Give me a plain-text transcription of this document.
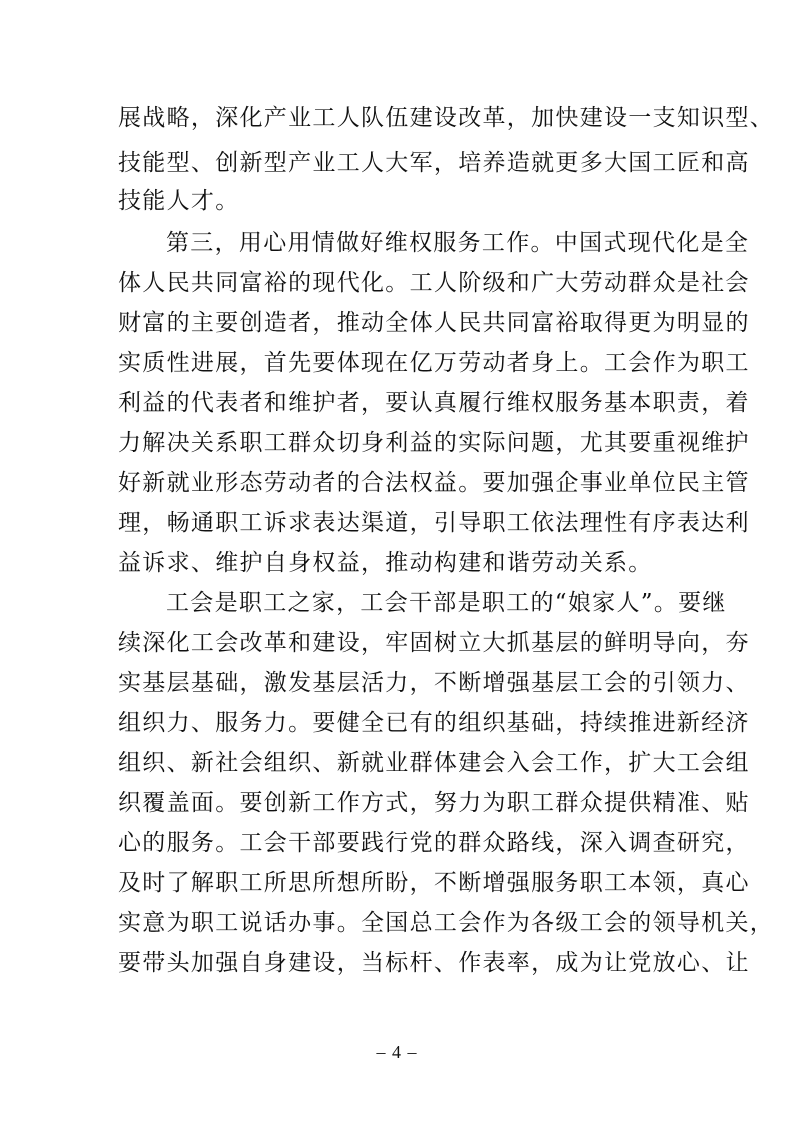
展战略，深化产业工人队伍建设改革，加快建设一支知识型、
技能型、创新型产业工人大军，培养造就更多大国工匠和高
技能人才。
第三，用心用情做好维权服务工作。中国式现代化是全
体人民共同富裕的现代化。工人阶级和广大劳动群众是社会
财富的主要创造者，推动全体人民共同富裕取得更为明显的
实质性进展，首先要体现在亿万劳动者身上。工会作为职工
利益的代表者和维护者，要认真履行维权服务基本职责，着
力解决关系职工群众切身利益的实际问题，尤其要重视维护
好新就业形态劳动者的合法权益。要加强企事业单位民主管
理，畅通职工诉求表达渠道，引导职工依法理性有序表达利
益诉求、维护自身权益，推动构建和谐劳动关系。
工会是职工之家，工会干部是职工的“娘家人”。要继
续深化工会改革和建设，牢固树立大抓基层的鲜明导向，夯
实基层基础，激发基层活力，不断增强基层工会的引领力、
组织力、服务力。要健全已有的组织基础，持续推进新经济
组织、新社会组织、新就业群体建会入会工作，扩大工会组
织覆盖面。要创新工作方式，努力为职工群众提供精准、贴
心的服务。工会干部要践行党的群众路线，深入调查研究，
及时了解职工所思所想所盼，不断增强服务职工本领，真心
实意为职工说话办事。全国总工会作为各级工会的领导机关，
要带头加强自身建设，当标杆、作表率，成为让党放心、让
– 4 –
